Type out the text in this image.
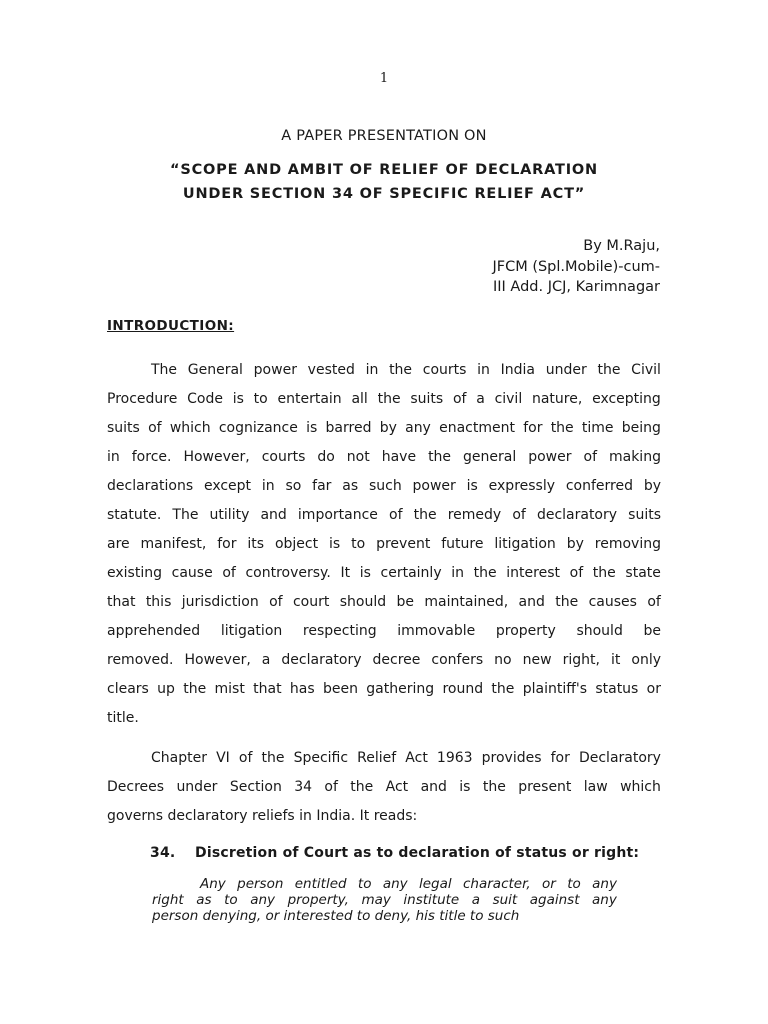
1
A PAPER PRESENTATION ON
“SCOPE AND AMBIT OF RELIEF OF DECLARATION
UNDER SECTION 34 OF SPECIFIC RELIEF ACT”
By M.Raju,
JFCM (Spl.Mobile)-cum-
III Add. JCJ, Karimnagar
INTRODUCTION:
The General power vested in the courts in India under the Civil
Procedure Code is to entertain all the suits of a civil nature, excepting
suits of which cognizance is barred by any enactment for the time being
in force. However, courts do not have the general power of making
declarations except in so far as such power is expressly conferred by
statute. The utility and importance of the remedy of declaratory suits
are manifest, for its object is to prevent future litigation by removing
existing cause of controversy. It is certainly in the interest of the state
that this jurisdiction of court should be maintained, and the causes of
apprehended litigation respecting immovable property should be
removed. However, a declaratory decree confers no new right, it only
clears up the mist that has been gathering round the plaintiff's status or
title.
Chapter VI of the Specific Relief Act 1963 provides for Declaratory
Decrees under Section 34 of the Act and is the present law which
governs declaratory reliefs in India. It reads:
34. Discretion of Court as to declaration of status or right:
Any person entitled to any legal character, or to any
right as to any property, may institute a suit against any
person denying, or interested to deny, his title to such
